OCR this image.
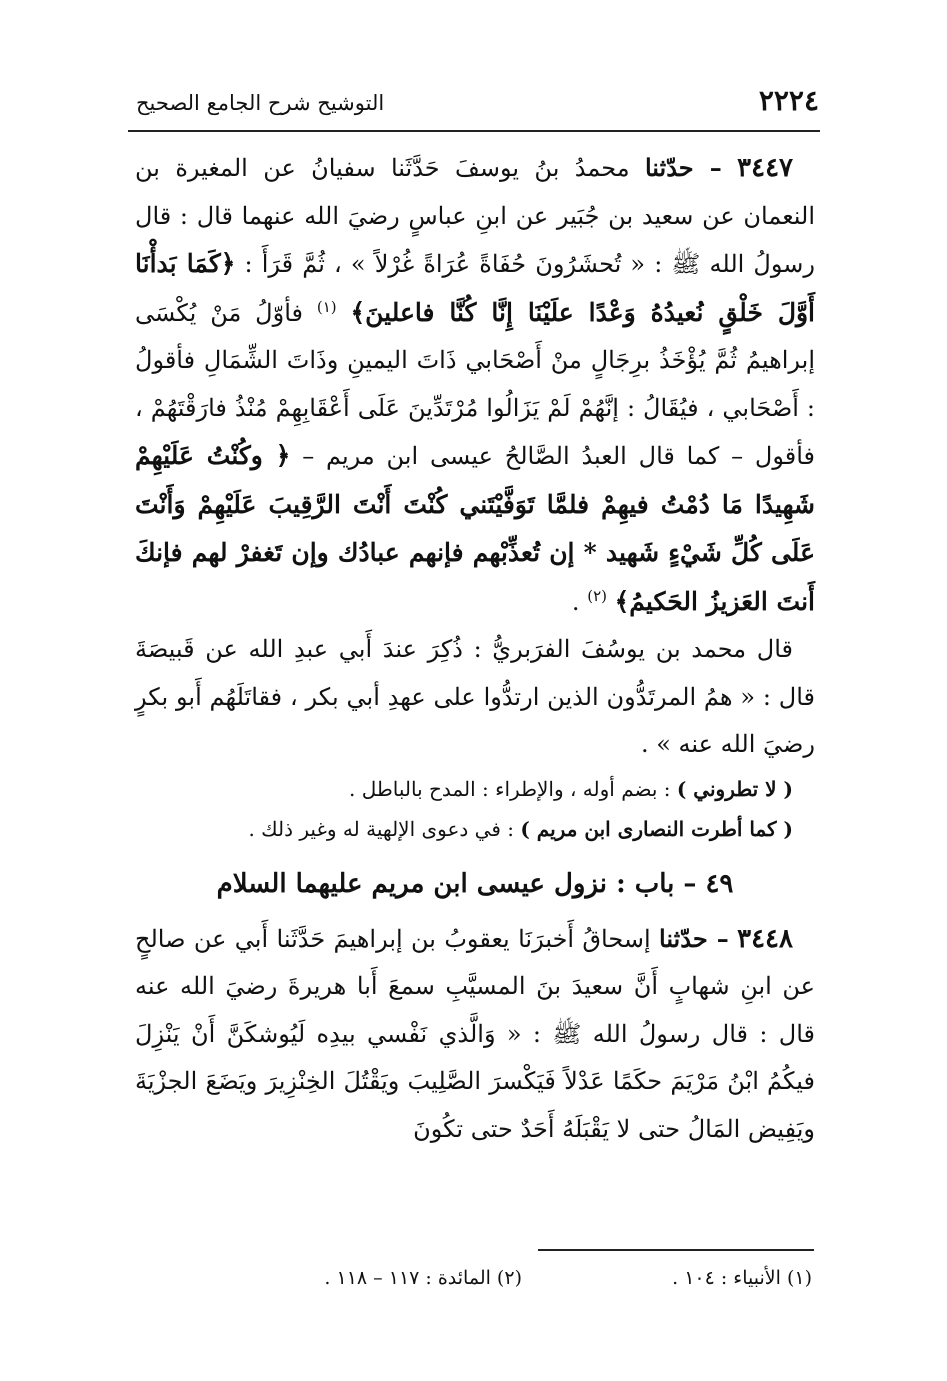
٢٢٢٤
التوشيح شرح الجامع الصحيح

٣٤٤٧ – حدّثنا محمدُ بنُ يوسفَ حَدَّثَنا سفيانُ عن المغيرة بن النعمان عن سعيد بن جُبَير عن ابنِ عباسٍ رضيَ الله عنهما قال : قال رسولُ الله ﷺ : « تُحشَرُونَ حُفَاةً عُرَاةً غُرْلاً » ، ثُمَّ قَرَأَ : ﴿كَمَا بَدأْنَا أَوَّلَ خَلْقٍ نُعيدُهُ وَعْدًا علَيْنَا إِنَّا كُنَّا فاعلينَ﴾ $^{(١)}$ فأوّلُ مَنْ يُكْسَى إبراهيمُ ثُمَّ يُؤْخَذُ برِجَالٍ منْ أَصْحَابي ذَاتَ اليمينِ وذَاتَ الشِّمَالِ فأقولُ : أَصْحَابي ، فيُقَالُ : إنَّهُمْ لَمْ يَزَالُوا مُرْتَدِّينَ عَلَى أَعْقَابِهِمْ مُنْذُ فارَقْتَهُمْ ، فأقول – كما قال العبدُ الصَّالحُ عيسى ابن مريم – ﴿ وكُنْتُ عَلَيْهِمْ شَهِيدًا مَا دُمْتُ فيهِمْ فلمَّا تَوَفَّيْتَني كُنْتَ أَنْتَ الرَّقِيبَ عَلَيْهِمْ وَأَنْتَ عَلَى كُلِّ شَيْءٍ شَهيد * إن تُعذِّبْهم فإنهم عبادُك وإن تَغفرْ لهم فإنكَ أَنتَ العَزيزُ الحَكيمُ﴾ $^{(٢)}$ .

قال محمد بن يوسُفَ الفرَبريُّ : ذُكِرَ عندَ أَبي عبدِ الله عن قَبيصَةَ قال : « همُ المرتَدُّون الذين ارتدُّوا على عهدِ أبي بكر ، فقاتَلَهُم أَبو بكرٍ رضيَ الله عنه » .

( لا تطروني ) : بضم أوله ، والإطراء : المدح بالباطل .

( كما أطرت النصارى ابن مريم ) : في دعوى الإلهية له وغير ذلك .

٤٩ – باب : نزول عيسى ابن مريم عليهما السلام

٣٤٤٨ – حدّثنا إسحاقُ أَخبرَنَا يعقوبُ بن إبراهيمَ حَدَّثَنا أَبي عن صالحٍ عن ابنِ شهابٍ أَنَّ سعيدَ بنَ المسيَّبِ سمعَ أَبا هريرةَ رضيَ الله عنه قال : قال رسولُ الله ﷺ : « وَالَّذي نَفْسي بيدِه لَيُوشكَنَّ أَنْ يَنْزِلَ فيكُمُ ابْنُ مَرْيَمَ حكَمًا عَدْلاً فَيَكْسرَ الصَّلِيبَ ويَقْتُلَ الخِنْزِيرَ ويَضَعَ الجزْيَةَ ويَفِيض المَالُ حتى لا يَقْبَلَهُ أَحَدٌ حتى تكُونَ

(١) الأنبياء : ١٠٤ .
(٢) المائدة : ١١٧ – ١١٨ .
